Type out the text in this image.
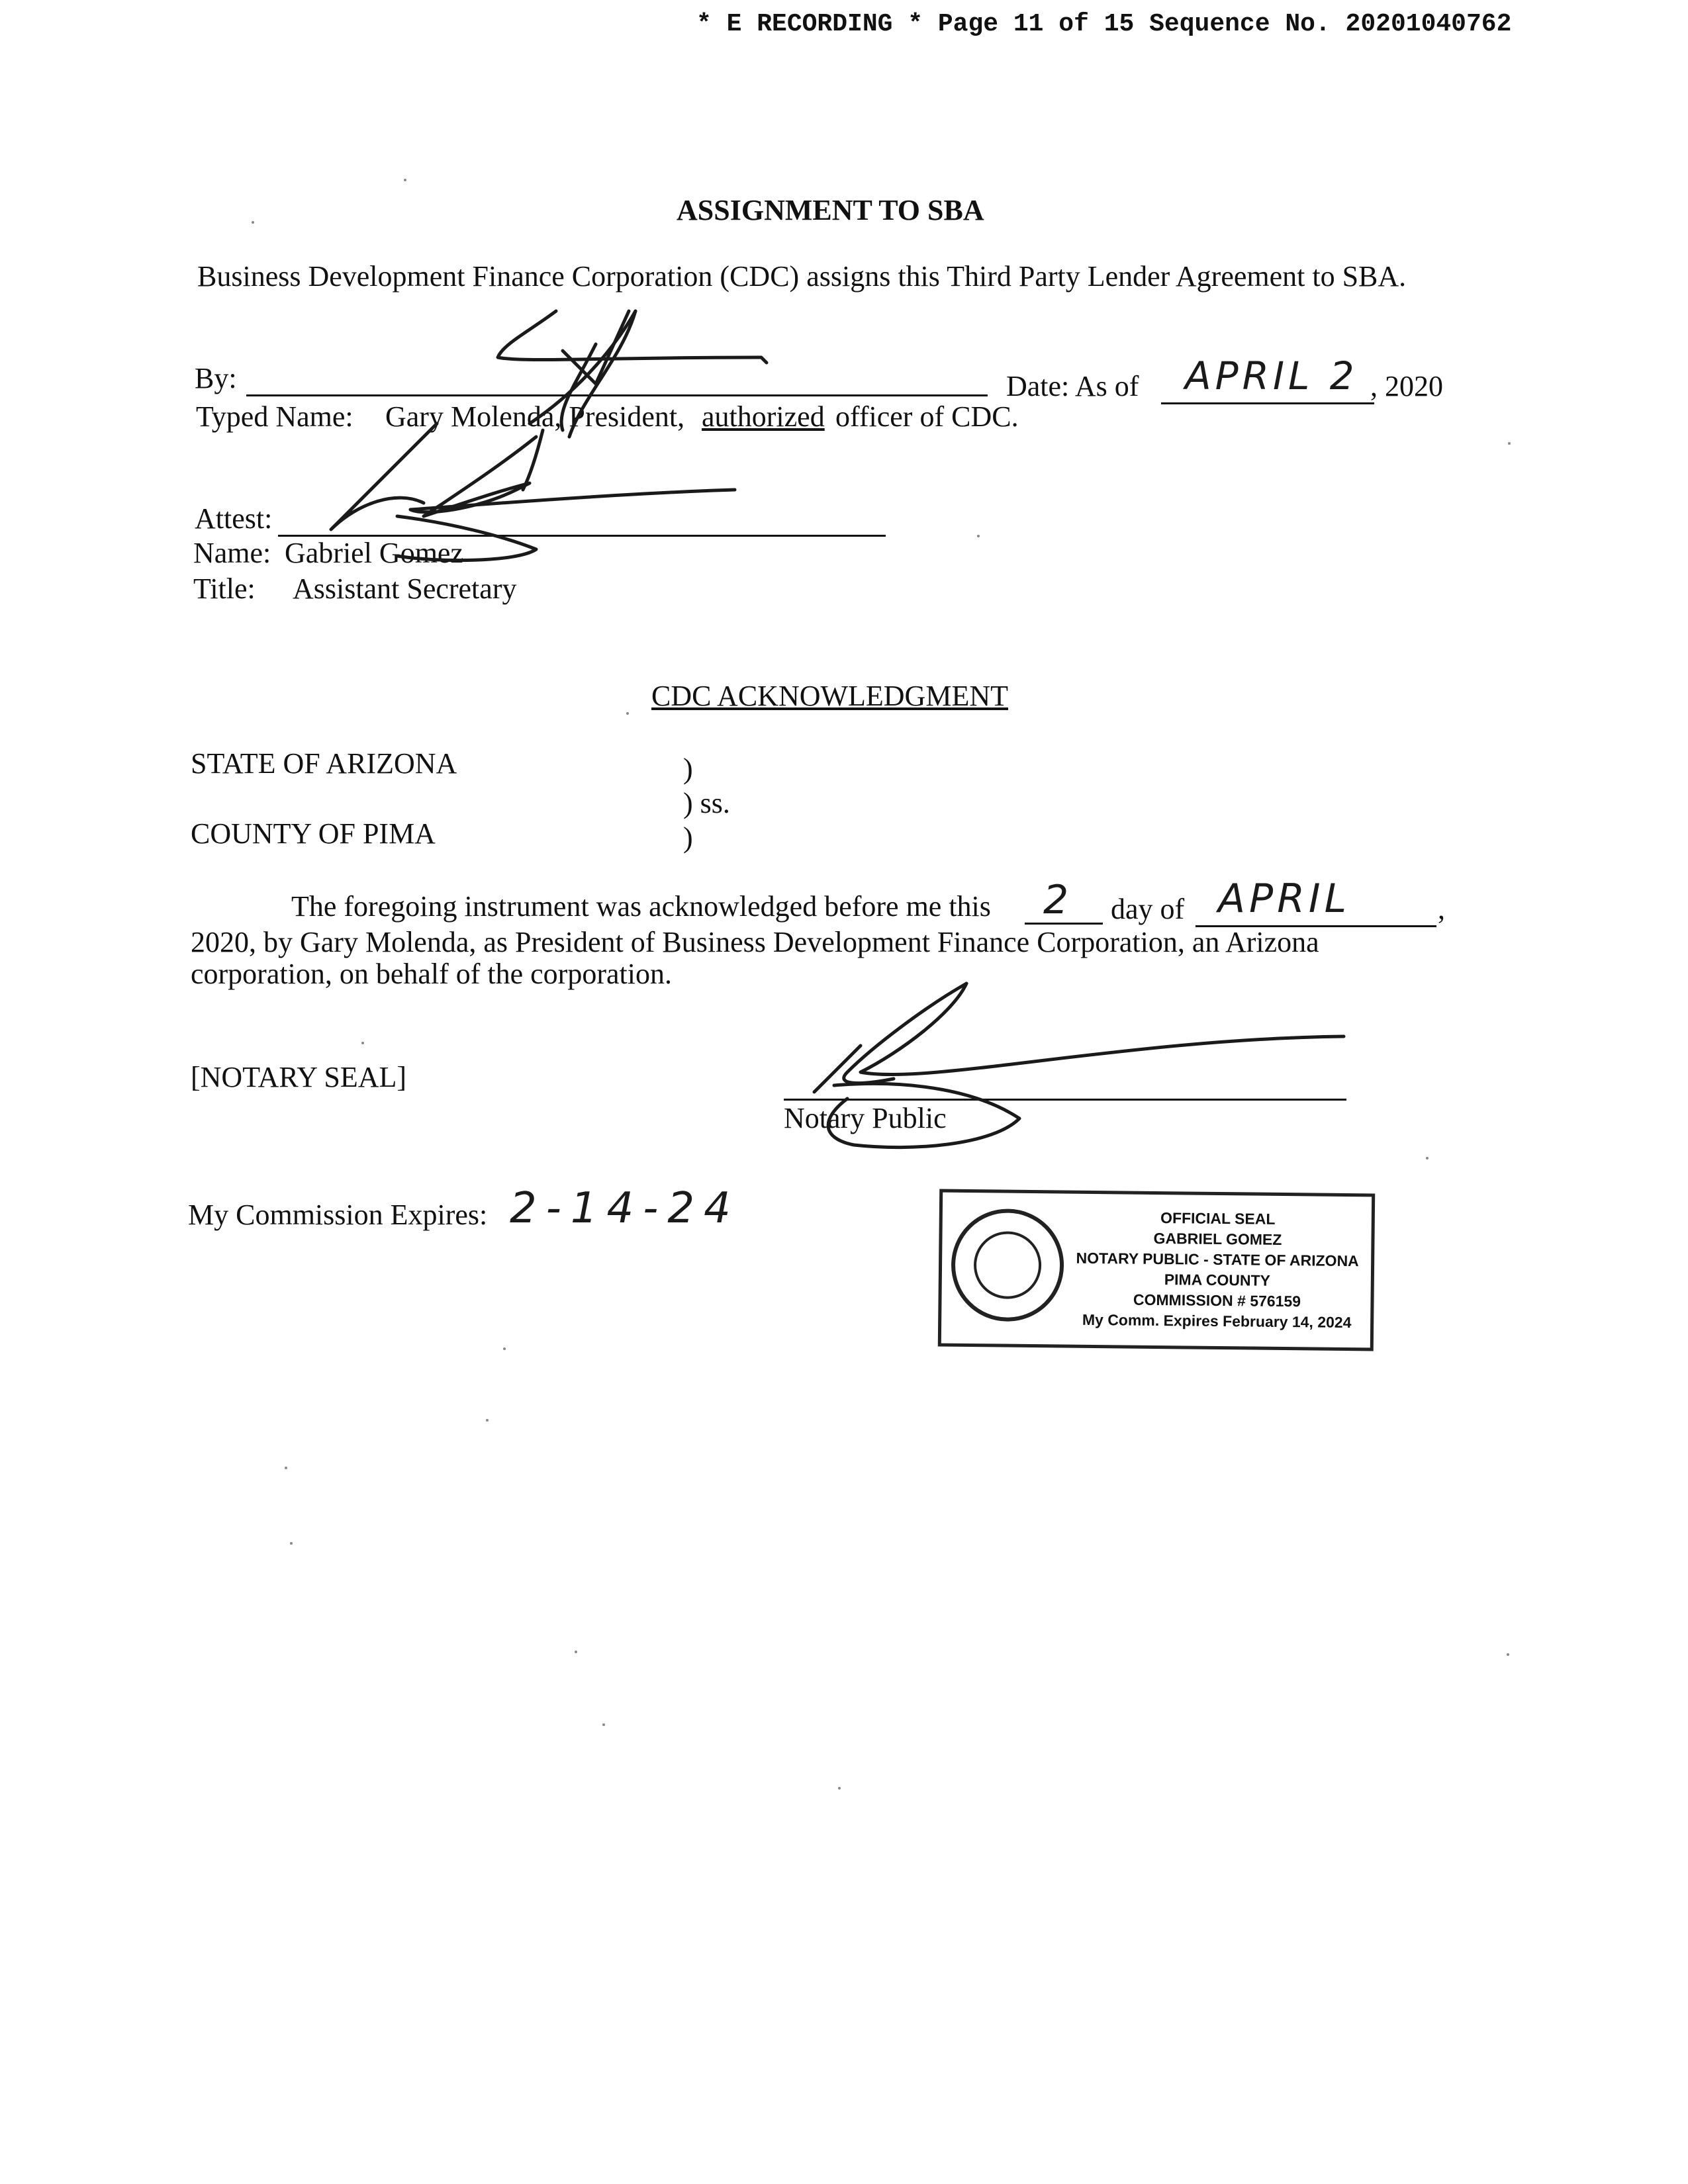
* E RECORDING * Page 11 of 15 Sequence No. 20201040762
ASSIGNMENT TO SBA
Business Development Finance Corporation (CDC) assigns this Third Party Lender Agreement to SBA.
By:	Date: As of APRIL 2 , 2020
Typed Name: Gary Molenda, President, authorized officer of CDC.
Attest:
Name: Gabriel Gomez
Title: Assistant Secretary
CDC ACKNOWLEDGMENT
STATE OF ARIZONA
COUNTY OF PIMA
)
) ss.
)
The foregoing instrument was acknowledged before me this 2 day of APRIL	,
2020, by Gary Molenda, as President of Business Development Finance Corporation, an Arizona
corporation, on behalf of the corporation.
[NOTARY SEAL]
Notary Public
My Commission Expires: 2-14-24	OFFICIAL SEAL
GABRIEL GOMEZ
NOTARY PUBLIC - STATE OF ARIZONA
PIMA COUNTY
COMMISSION # 576159
My Comm. Expires February 14, 2024
